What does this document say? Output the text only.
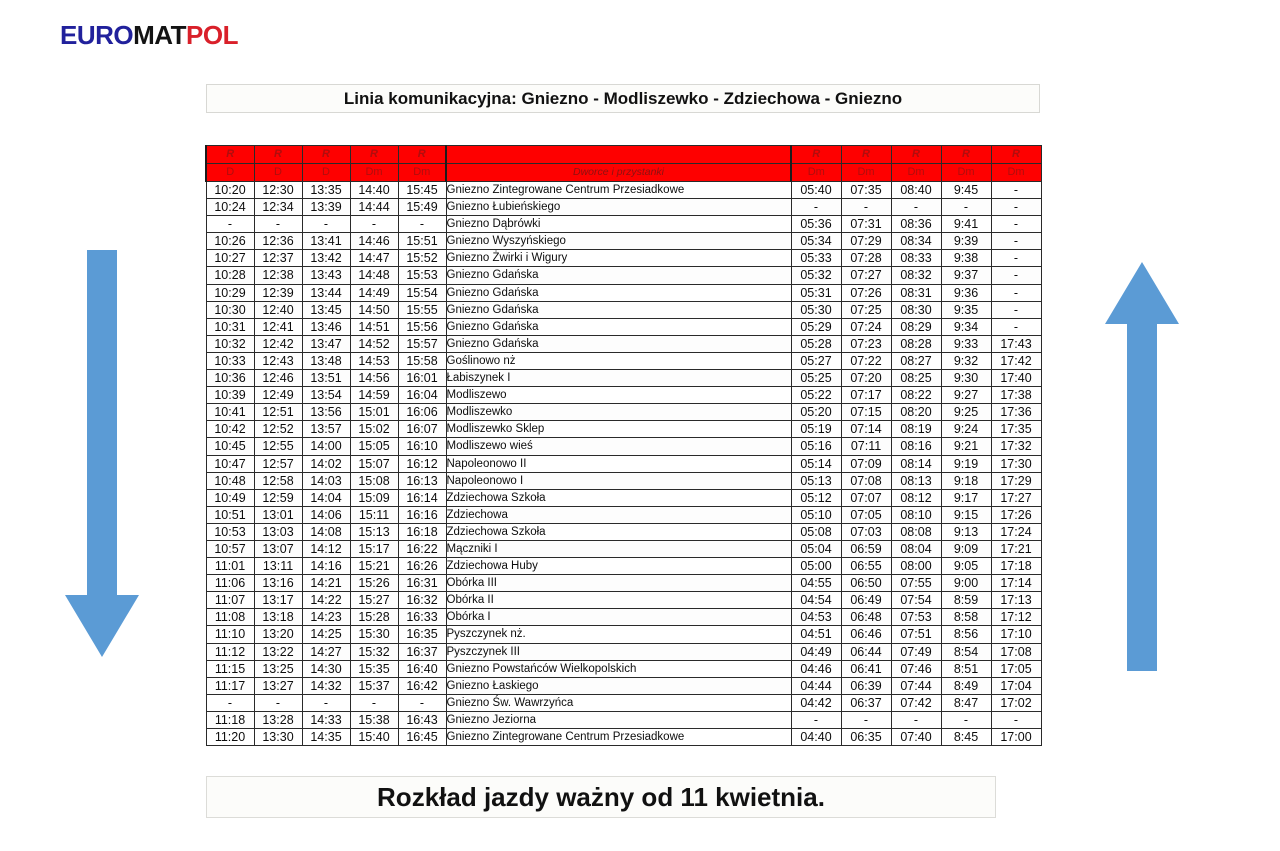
EUROMATPOL
Linia komunikacyjna: Gniezno - Modliszewko - Zdziechowa - Gniezno
R	R	R	R	R		R	R	R	R	R
D	D	D	Dm	Dm	Dworce i przystanki	Dm	Dm	Dm	Dm	Dm
10:20	12:30	13:35	14:40	15:45	Gniezno Zintegrowane Centrum Przesiadkowe	05:40	07:35	08:40	9:45	-
10:24	12:34	13:39	14:44	15:49	Gniezno Łubieńskiego	-	-	-	-	-
-	-	-	-	-	Gniezno Dąbrówki	05:36	07:31	08:36	9:41	-
10:26	12:36	13:41	14:46	15:51	Gniezno Wyszyńskiego	05:34	07:29	08:34	9:39	-
10:27	12:37	13:42	14:47	15:52	Gniezno Żwirki i Wigury	05:33	07:28	08:33	9:38	-
10:28	12:38	13:43	14:48	15:53	Gniezno Gdańska	05:32	07:27	08:32	9:37	-
10:29	12:39	13:44	14:49	15:54	Gniezno Gdańska	05:31	07:26	08:31	9:36	-
10:30	12:40	13:45	14:50	15:55	Gniezno Gdańska	05:30	07:25	08:30	9:35	-
10:31	12:41	13:46	14:51	15:56	Gniezno Gdańska	05:29	07:24	08:29	9:34	-
10:32	12:42	13:47	14:52	15:57	Gniezno Gdańska	05:28	07:23	08:28	9:33	17:43
10:33	12:43	13:48	14:53	15:58	Goślinowo nż	05:27	07:22	08:27	9:32	17:42
10:36	12:46	13:51	14:56	16:01	Łabiszynek I	05:25	07:20	08:25	9:30	17:40
10:39	12:49	13:54	14:59	16:04	Modliszewo	05:22	07:17	08:22	9:27	17:38
10:41	12:51	13:56	15:01	16:06	Modliszewko	05:20	07:15	08:20	9:25	17:36
10:42	12:52	13:57	15:02	16:07	Modliszewko Sklep	05:19	07:14	08:19	9:24	17:35
10:45	12:55	14:00	15:05	16:10	Modliszewo wieś	05:16	07:11	08:16	9:21	17:32
10:47	12:57	14:02	15:07	16:12	Napoleonowo II	05:14	07:09	08:14	9:19	17:30
10:48	12:58	14:03	15:08	16:13	Napoleonowo I	05:13	07:08	08:13	9:18	17:29
10:49	12:59	14:04	15:09	16:14	Zdziechowa Szkoła	05:12	07:07	08:12	9:17	17:27
10:51	13:01	14:06	15:11	16:16	Zdziechowa	05:10	07:05	08:10	9:15	17:26
10:53	13:03	14:08	15:13	16:18	Zdziechowa Szkoła	05:08	07:03	08:08	9:13	17:24
10:57	13:07	14:12	15:17	16:22	Mączniki I	05:04	06:59	08:04	9:09	17:21
11:01	13:11	14:16	15:21	16:26	Zdziechowa Huby	05:00	06:55	08:00	9:05	17:18
11:06	13:16	14:21	15:26	16:31	Obórka III	04:55	06:50	07:55	9:00	17:14
11:07	13:17	14:22	15:27	16:32	Obórka II	04:54	06:49	07:54	8:59	17:13
11:08	13:18	14:23	15:28	16:33	Obórka I	04:53	06:48	07:53	8:58	17:12
11:10	13:20	14:25	15:30	16:35	Pyszczynek nż.	04:51	06:46	07:51	8:56	17:10
11:12	13:22	14:27	15:32	16:37	Pyszczynek III	04:49	06:44	07:49	8:54	17:08
11:15	13:25	14:30	15:35	16:40	Gniezno Powstańców Wielkopolskich	04:46	06:41	07:46	8:51	17:05
11:17	13:27	14:32	15:37	16:42	Gniezno Łaskiego	04:44	06:39	07:44	8:49	17:04
-	-	-	-	-	Gniezno Św. Wawrzyńca	04:42	06:37	07:42	8:47	17:02
11:18	13:28	14:33	15:38	16:43	Gniezno Jeziorna	-	-	-	-	-
11:20	13:30	14:35	15:40	16:45	Gniezno Zintegrowane Centrum Przesiadkowe	04:40	06:35	07:40	8:45	17:00
Rozkład jazdy ważny od 11 kwietnia.
